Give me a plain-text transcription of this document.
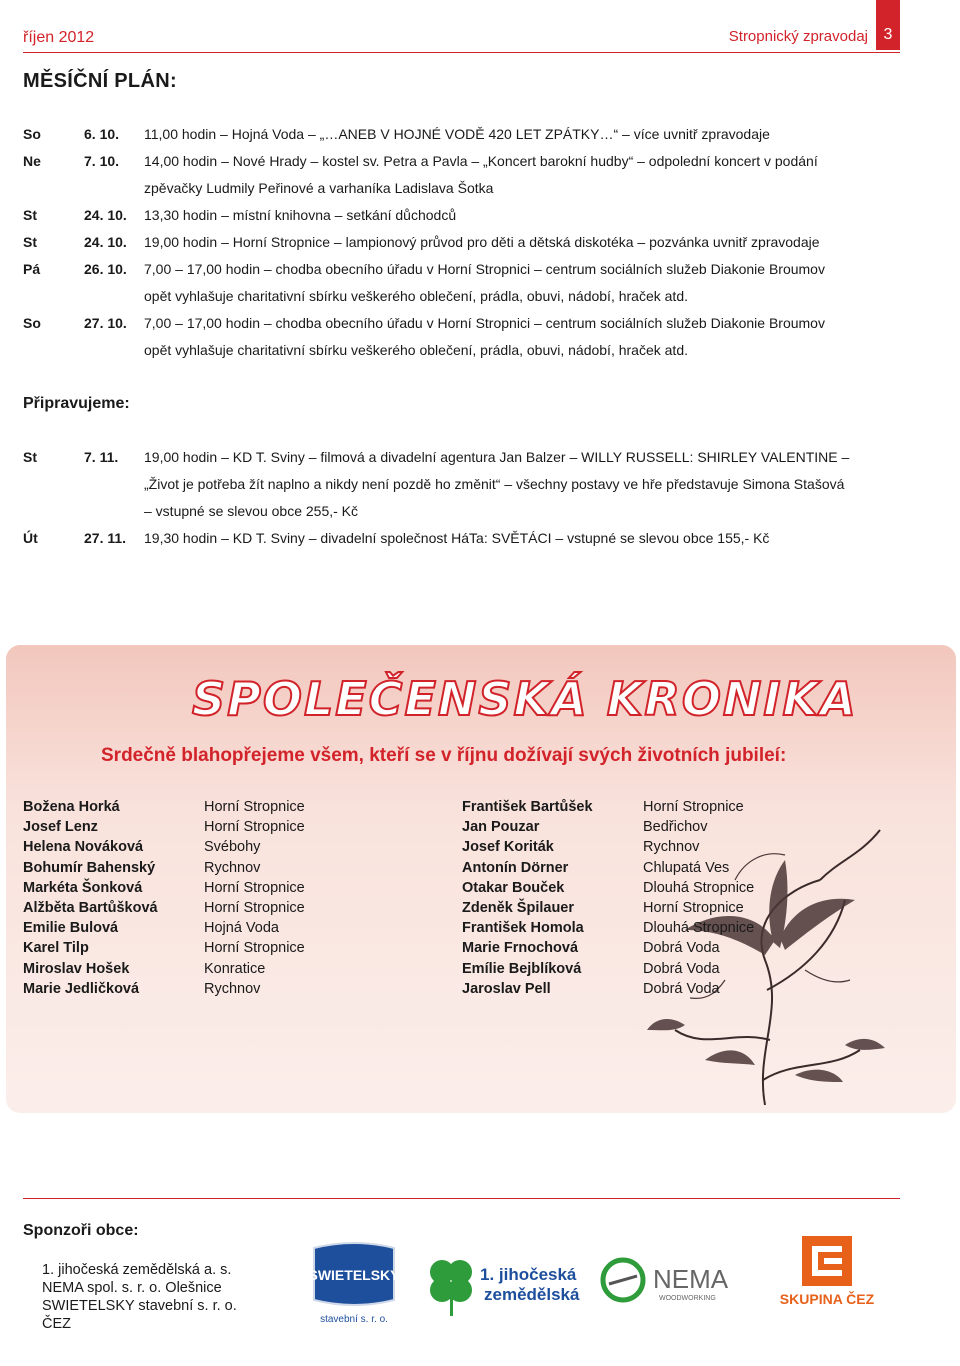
říjen 2012	Stropnický zpravodaj 3
MĚSÍČNÍ PLÁN:
So	6. 10. 11,00 hodin – Hojná Voda – „…ANEB V HOJNÉ VODĚ 420 LET ZPÁTKY…“ – více uvnitř zpravodaje
Ne	7. 10. 14,00 hodin – Nové Hrady – kostel sv. Petra a Pavla – „Koncert barokní hudby“ – odpolední koncert v podání
zpěvačky Ludmily Peřinové a varhaníka Ladislava Šotka
St	24. 10. 13,30 hodin – místní knihovna – setkání důchodců
St	24. 10. 19,00 hodin – Horní Stropnice – lampionový průvod pro děti a dětská diskotéka – pozvánka uvnitř zpravodaje
Pá	26. 10. 7,00 – 17,00 hodin – chodba obecního úřadu v Horní Stropnici – centrum sociálních služeb Diakonie Broumov
opět vyhlašuje charitativní sbírku veškerého oblečení, prádla, obuvi, nádobí, hraček atd.
So	27. 10. 7,00 – 17,00 hodin – chodba obecního úřadu v Horní Stropnici – centrum sociálních služeb Diakonie Broumov
opět vyhlašuje charitativní sbírku veškerého oblečení, prádla, obuvi, nádobí, hraček atd.
Připravujeme:
St	7. 11. 19,00 hodin – KD T. Sviny – filmová a divadelní agentura Jan Balzer – WILLY RUSSELL: SHIRLEY VALENTINE –
„Život je potřeba žít naplno a nikdy není pozdě ho změnit“ – všechny postavy ve hře představuje Simona Stašová
– vstupné se slevou obce 255,- Kč
Út	27. 11. 19,30 hodin – KD T. Sviny – divadelní společnost HáTa: SVĚTÁCI – vstupné se slevou obce 155,- Kč
SPOLEČENSKÁ KRONIKA
Srdečně blahopřejeme všem, kteří se v říjnu dožívají svých životních jubileí:
Božena Horká	Horní Stropnice
Josef Lenz	Horní Stropnice
Helena Nováková	Svébohy
Bohumír Bahenský	Rychnov
Markéta Šonková	Horní Stropnice
Alžběta Bartůšková	Horní Stropnice
Emilie Bulová	Hojná Voda
Karel Tilp	Horní Stropnice
Miroslav Hošek	Konratice
Marie Jedličková	Rychnov
František Bartůšek	Horní Stropnice
Jan Pouzar	Bedřichov
Josef Koriták	Rychnov
Antonín Dörner	Chlupatá Ves
Otakar Bouček	Dlouhá Stropnice
Zdeněk Špilauer	Horní Stropnice
František Homola	Dlouhá Stropnice
Marie Frnochová	Dobrá Voda
Emílie Bejblíková	Dobrá Voda
Jaroslav Pell	Dobrá Voda
Sponzoři obce:
1. jihočeská zemědělská a. s.
NEMA spol. s. r. o. Olešnice
SWIETELSKY stavební s. r. o.
ČEZ
SWIETELSKY
stavební s. r. o.
1. jihočeská
zemědělská
NEMA
WOODWORKING	SKUPINA ČEZ
